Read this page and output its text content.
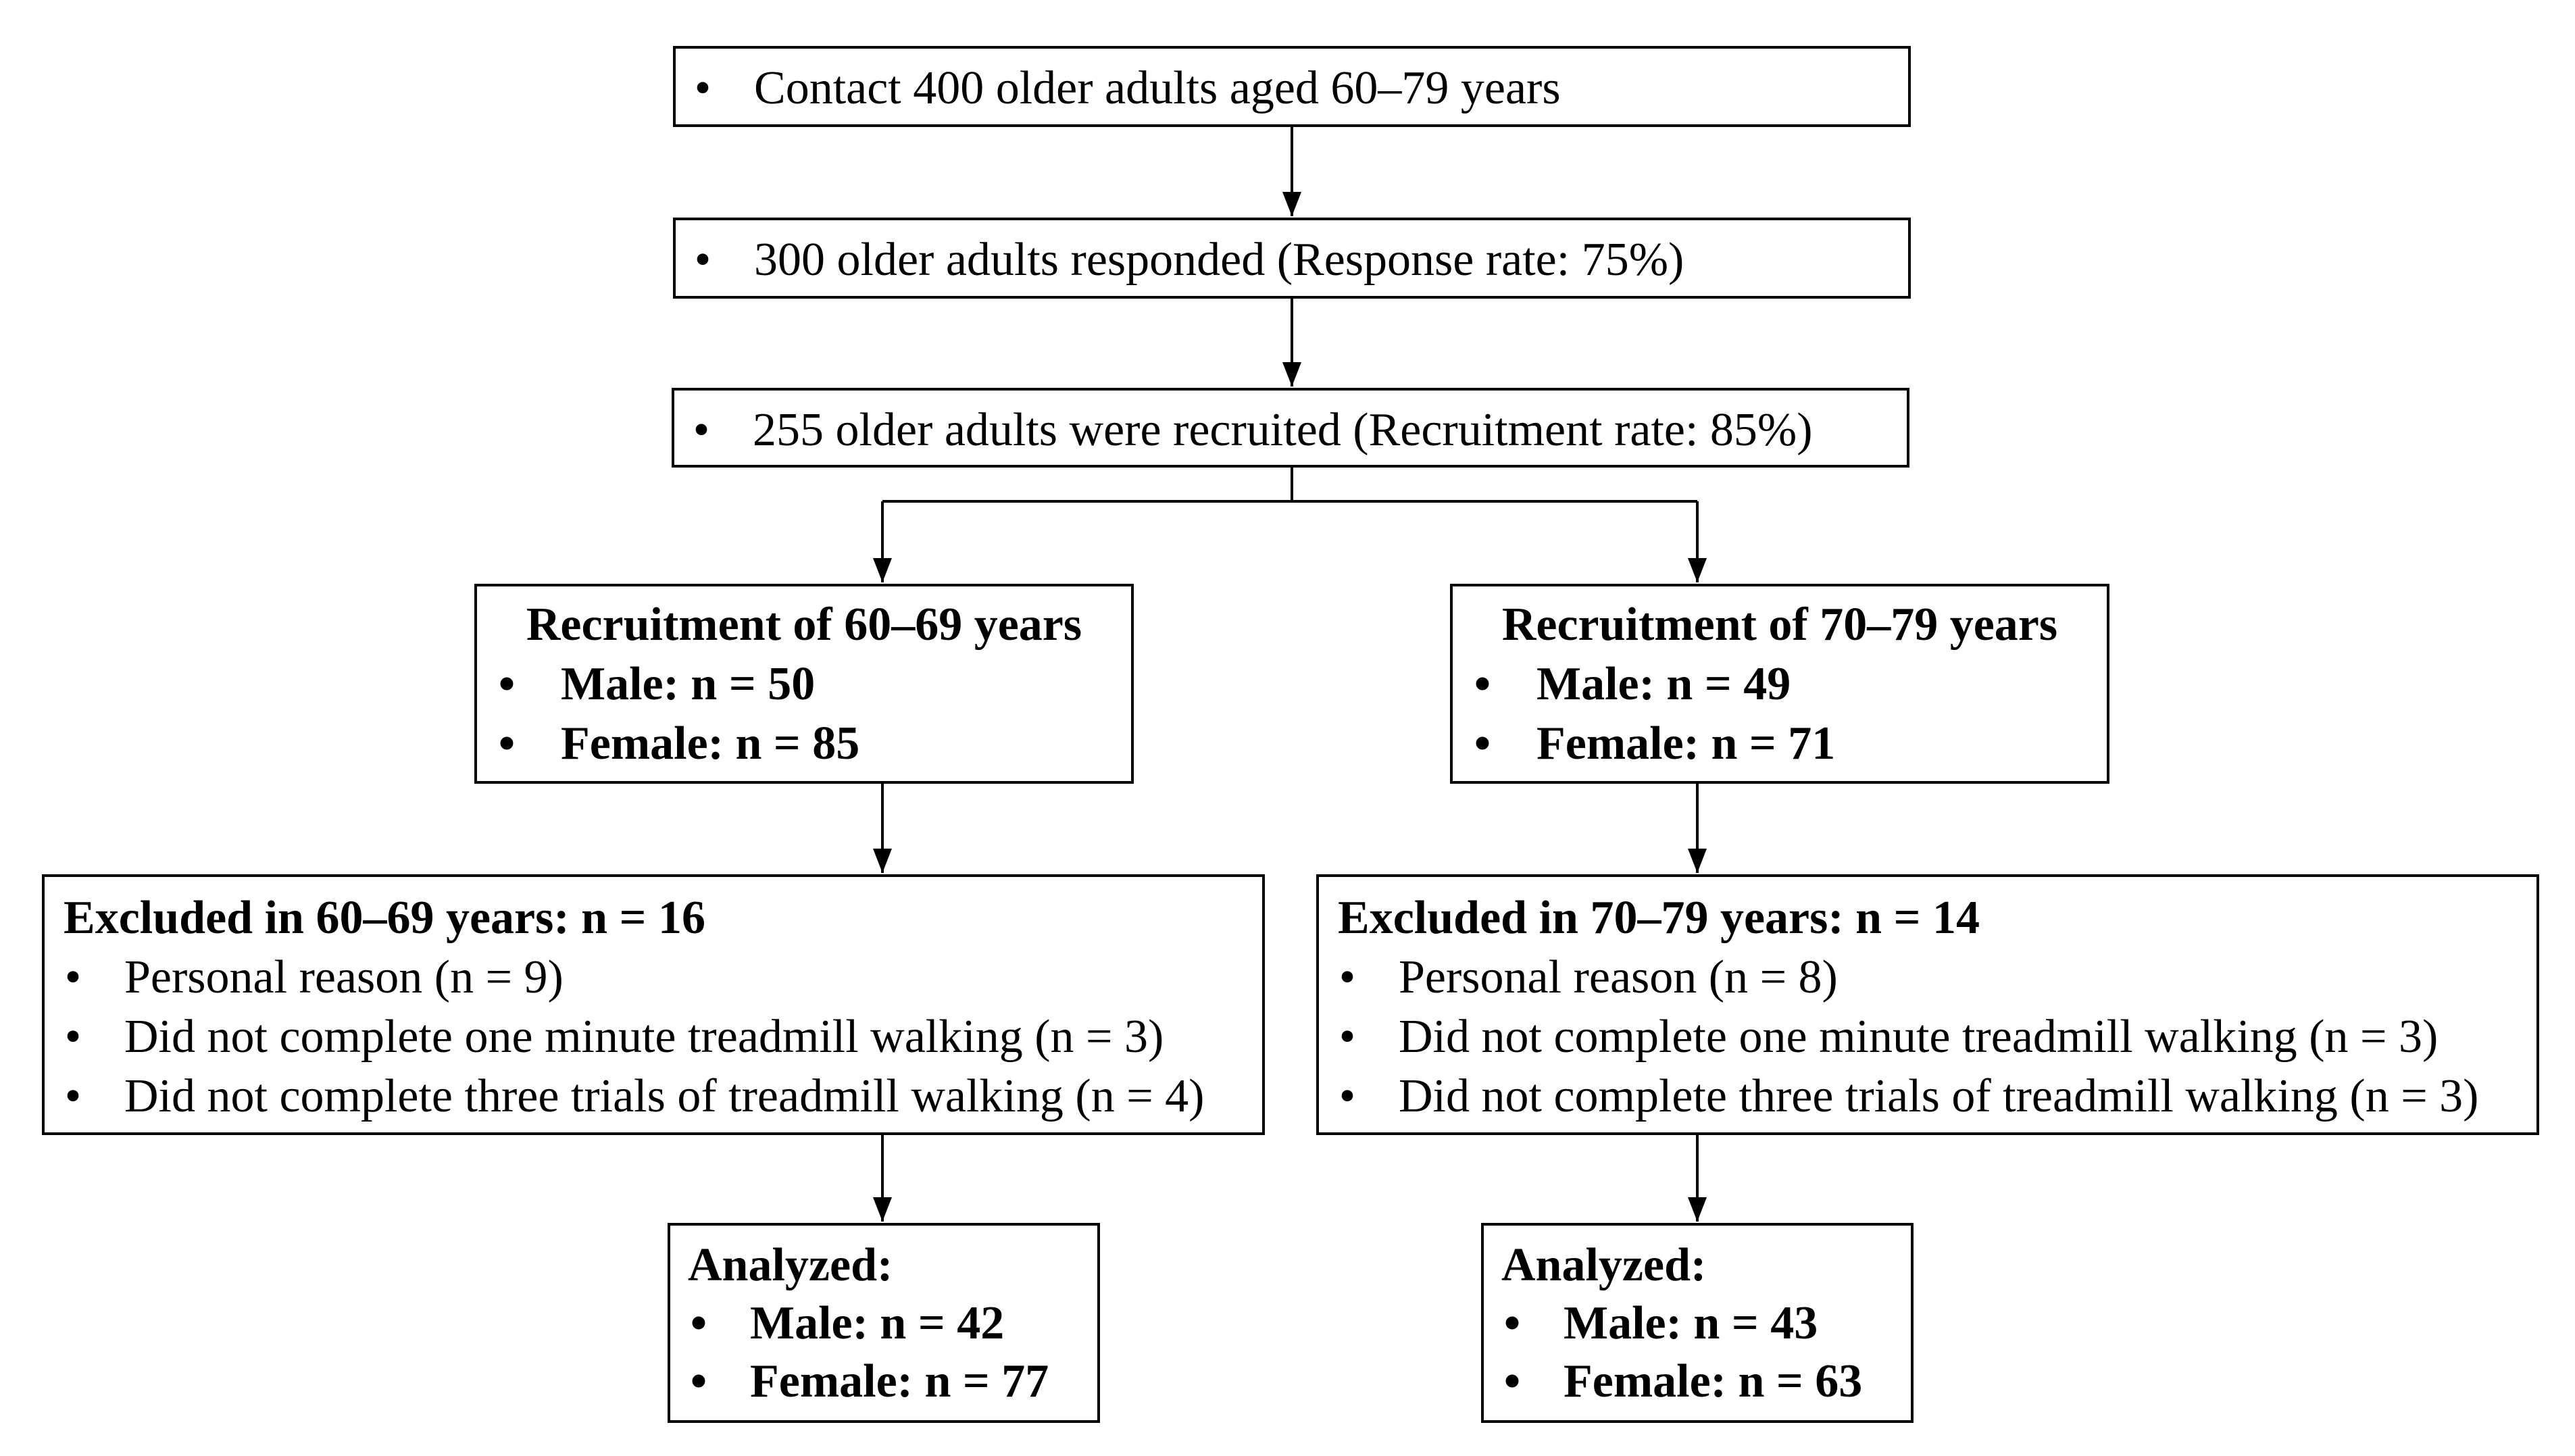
• Contact 400 older adults aged 60–79 years
• 300 older adults responded (Response rate: 75%)
• 255 older adults were recruited (Recruitment rate: 85%)
Recruitment of 60–69 years
• Male: n = 50
• Female: n = 85
Recruitment of 70–79 years
• Male: n = 49
• Female: n = 71
Excluded in 60–69 years: n = 16
• Personal reason (n = 9)
• Did not complete one minute treadmill walking (n = 3)
• Did not complete three trials of treadmill walking (n = 4)
Excluded in 70–79 years: n = 14
• Personal reason (n = 8)
• Did not complete one minute treadmill walking (n = 3)
• Did not complete three trials of treadmill walking (n = 3)
Analyzed:
• Male: n = 42
• Female: n = 77
Analyzed:
• Male: n = 43
• Female: n = 63
